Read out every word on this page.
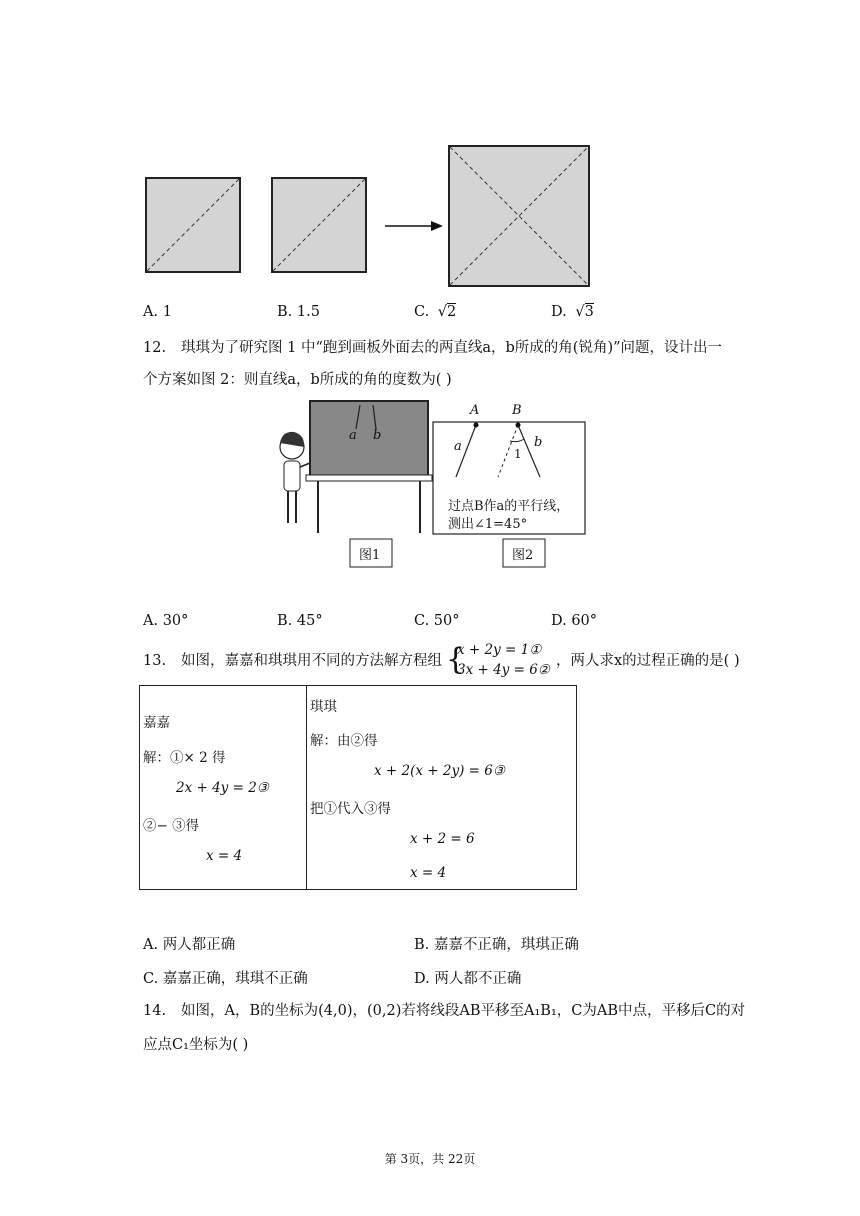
A. 1	B. 1.5	C. √2	D. √3
12. 琪琪为了研究图 1 中“跑到画板外面去的两直线a，b所成的角(锐角)”问题，设计出一
个方案如图 2：则直线a，b所成的角的度数为( )
a b
A	B
a	b
1
过点B作a的平行线，
测出∠1=45°
图1	图2
A. 30°	B. 45°	C. 50°	D. 60°
13. 如图，嘉嘉和琪琪用不同的方法解方程组 {
x + 2y = 1①
3x + 4y = 6②
，两人求x的过程正确的是( )
嘉嘉
解：①× 2 得
2x + 4y = 2③
②− ③得
x = 4
琪琪
解：由②得
x + 2(x + 2y) = 6③
把①代入③得
x + 2 = 6
x = 4
A. 两人都正确	B. 嘉嘉不正确，琪琪正确
C. 嘉嘉正确，琪琪不正确	D. 两人都不正确
14. 如图，A，B的坐标为(4,0)，(0,2)若将线段AB平移至A₁B₁，C为AB中点，平移后C的对
应点C₁坐标为( )
第 3页，共 22页
